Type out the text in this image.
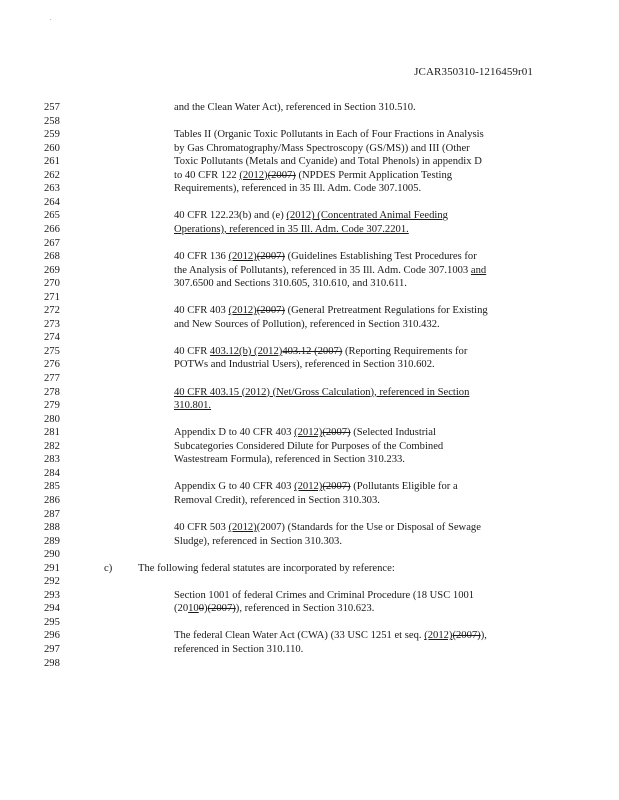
.
JCAR350310-1216459r01
257	and the Clean Water Act), referenced in Section 310.510.
258
259	Tables II (Organic Toxic Pollutants in Each of Four Fractions in Analysis
260	by Gas Chromatography/Mass Spectroscopy (GS/MS)) and III (Other
261	Toxic Pollutants (Metals and Cyanide) and Total Phenols) in appendix D
262	to 40 CFR 122 (2012)(2007) (NPDES Permit Application Testing
263	Requirements), referenced in 35 Ill. Adm. Code 307.1005.
264
265	40 CFR 122.23(b) and (e) (2012) (Concentrated Animal Feeding
266	Operations), referenced in 35 Ill. Adm. Code 307.2201.
267
268	40 CFR 136 (2012)(2007) (Guidelines Establishing Test Procedures for
269	the Analysis of Pollutants), referenced in 35 Ill. Adm. Code 307.1003 and
270	307.6500 and Sections 310.605, 310.610, and 310.611.
271
272	40 CFR 403 (2012)(2007) (General Pretreatment Regulations for Existing
273	and New Sources of Pollution), referenced in Section 310.432.
274
275	40 CFR 403.12(b) (2012)403.12 (2007) (Reporting Requirements for
276	POTWs and Industrial Users), referenced in Section 310.602.
277
278	40 CFR 403.15 (2012) (Net/Gross Calculation), referenced in Section
279	310.801.
280
281	Appendix D to 40 CFR 403 (2012)(2007) (Selected Industrial
282	Subcategories Considered Dilute for Purposes of the Combined
283	Wastestream Formula), referenced in Section 310.233.
284
285	Appendix G to 40 CFR 403 (2012)(2007) (Pollutants Eligible for a
286	Removal Credit), referenced in Section 310.303.
287
288	40 CFR 503 (2012)(2007) (Standards for the Use or Disposal of Sewage
289	Sludge), referenced in Section 310.303.
290
291	c) The following federal statutes are incorporated by reference:
292
293	Section 1001 of federal Crimes and Criminal Procedure (18 USC 1001
294	(20100)(2007)), referenced in Section 310.623.
295
296	The federal Clean Water Act (CWA) (33 USC 1251 et seq. (2012)(2007)),
297	referenced in Section 310.110.
298
